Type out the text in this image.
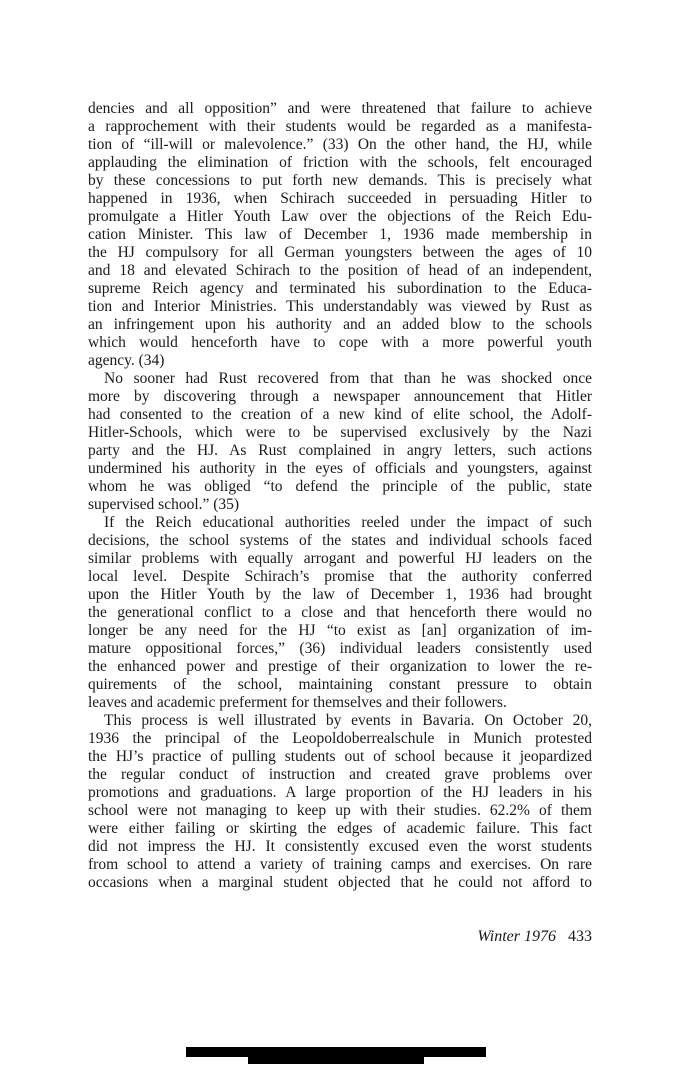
dencies and all opposition” and were threatened that failure to achieve
a rapprochement with their students would be regarded as a manifesta-
tion of “ill-will or malevolence.” (33) On the other hand, the HJ, while
applauding the elimination of friction with the schools, felt encouraged
by these concessions to put forth new demands. This is precisely what
happened in 1936, when Schirach succeeded in persuading Hitler to
promulgate a Hitler Youth Law over the objections of the Reich Edu-
cation Minister. This law of December 1, 1936 made membership in
the HJ compulsory for all German youngsters between the ages of 10
and 18 and elevated Schirach to the position of head of an independent,
supreme Reich agency and terminated his subordination to the Educa-
tion and Interior Ministries. This understandably was viewed by Rust as
an infringement upon his authority and an added blow to the schools
which would henceforth have to cope with a more powerful youth
agency. (34)
No sooner had Rust recovered from that than he was shocked once
more by discovering through a newspaper announcement that Hitler
had consented to the creation of a new kind of elite school, the Adolf-
Hitler-Schools, which were to be supervised exclusively by the Nazi
party and the HJ. As Rust complained in angry letters, such actions
undermined his authority in the eyes of officials and youngsters, against
whom he was obliged “to defend the principle of the public, state
supervised school.” (35)
If the Reich educational authorities reeled under the impact of such
decisions, the school systems of the states and individual schools faced
similar problems with equally arrogant and powerful HJ leaders on the
local level. Despite Schirach’s promise that the authority conferred
upon the Hitler Youth by the law of December 1, 1936 had brought
the generational conflict to a close and that henceforth there would no
longer be any need for the HJ “to exist as [an] organization of im-
mature oppositional forces,” (36) individual leaders consistently used
the enhanced power and prestige of their organization to lower the re-
quirements of the school, maintaining constant pressure to obtain
leaves and academic preferment for themselves and their followers.
This process is well illustrated by events in Bavaria. On October 20,
1936 the principal of the Leopoldoberrealschule in Munich protested
the HJ’s practice of pulling students out of school because it jeopardized
the regular conduct of instruction and created grave problems over
promotions and graduations. A large proportion of the HJ leaders in his
school were not managing to keep up with their studies. 62.2% of them
were either failing or skirting the edges of academic failure. This fact
did not impress the HJ. It consistently excused even the worst students
from school to attend a variety of training camps and exercises. On rare
occasions when a marginal student objected that he could not afford to
Winter 1976 433
